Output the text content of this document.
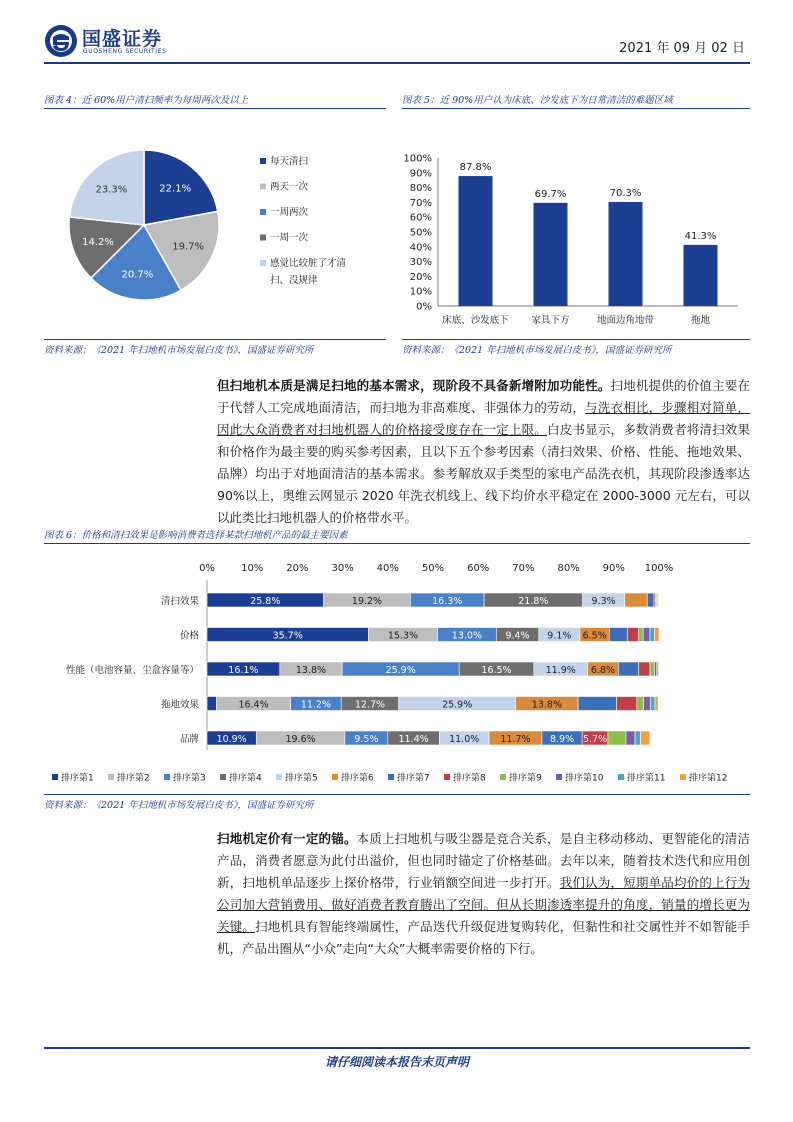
国盛证券
GUOSHENG SECURITIES	2021 年 09 月 02 日
图表 4：近 60%用户清扫频率为每周两次及以上	图表 5：近 90%用户认为床底、沙发底下为日常清洁的难题区域
22.1%
19.7%
20.7%
14.2%
23.3%
每天清扫
两天一次
一周两次
一周一次
感觉比较脏了才清
扫、没规律
0%
10%
20%
30%
40%
50%
60%
70%
80%
90%
100%
87.8%
床底、沙发底下
69.7%
家具下方
70.3%
地面边角地带
41.3%
拖地
资料来源：《2021 年扫地机市场发展白皮书》，国盛证券研究所	资料来源：《2021 年扫地机市场发展白皮书》，国盛证券研究所
但扫地机本质是满足扫地的基本需求，现阶段不具备新增附加功能性。扫地机提供的价值主要在于代替人工完成地面清洁，而扫地为非高难度、非强体力的劳动，与洗衣相比，步骤相对简单，因此大众消费者对扫地机器人的价格接受度存在一定上限。白皮书显示，多数消费者将清扫效果和价格作为最主要的购买参考因素，且以下五个参考因素（清扫效果、价格、性能、拖地效果、品牌）均出于对地面清洁的基本需求。参考解放双手类型的家电产品洗衣机，其现阶段渗透率达 90%以上，奥维云网显示 2020 年洗衣机线上、线下均价水平稳定在 2000-3000 元左右，可以以此类比扫地机器人的价格带水平。
图表 6：价格和清扫效果是影响消费者选择某款扫地机产品的最主要因素
0%	10% 20% 30% 40% 50% 60% 70% 80% 90% 100%
清扫效果	25.8%	19.2%	16.3%	21.8%	9.3%
价格	35.7%	15.3%	13.0% 9.4% 9.1% 6.5%
性能（电池容量、尘盒容量等）	16.1%	13.8%	25.9%	16.5%	11.9% 6.8%
拖地效果	16.4%	11.2%	12.7%	25.9%	13.8%
品牌 10.9%	19.6%	9.5% 11.4% 11.0% 11.7% 8.9% 5.7%
排序第1	排序第2	排序第3	排序第4	排序第5	排序第6	排序第7	排序第8	排序第9	排序第10	排序第11	排序第12
资料来源：《2021 年扫地机市场发展白皮书》，国盛证券研究所
扫地机定价有一定的锚。本质上扫地机与吸尘器是竞合关系，是自主移动移动、更智能化的清洁产品，消费者愿意为此付出溢价，但也同时锚定了价格基础。去年以来，随着技术迭代和应用创新，扫地机单品逐步上探价格带，行业销额空间进一步打开。我们认为，短期单品均价的上行为公司加大营销费用、做好消费者教育腾出了空间。但从长期渗透率提升的角度，销量的增长更为关键。扫地机具有智能终端属性，产品迭代升级促进复购转化，但黏性和社交属性并不如智能手机，产品出圈从“小众”走向“大众”大概率需要价格的下行。
请仔细阅读本报告末页声明
